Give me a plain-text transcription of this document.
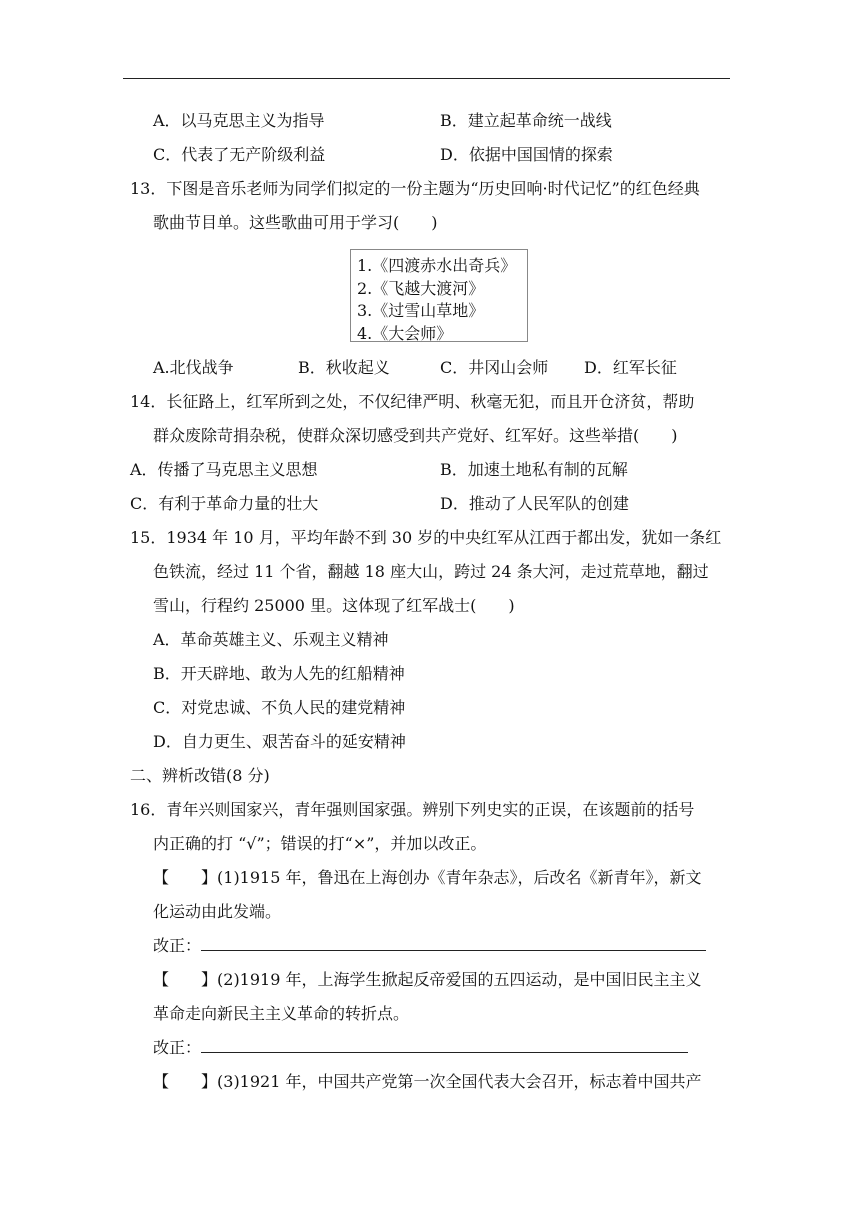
A．以马克思主义为指导	B．建立起革命统一战线
C．代表了无产阶级利益	D．依据中国国情的探索
13．下图是音乐老师为同学们拟定的一份主题为“历史回响·时代记忆”的红色经典
歌曲节目单。这些歌曲可用于学习(　　)
1.《四渡赤水出奇兵》
2.《飞越大渡河》
3.《过雪山草地》
4.《大会师》
A.北伐战争	B．秋收起义	C．井冈山会师 D．红军长征
14．长征路上，红军所到之处，不仅纪律严明、秋毫无犯，而且开仓济贫，帮助
群众废除苛捐杂税，使群众深切感受到共产党好、红军好。这些举措(　　)
A．传播了马克思主义思想	B．加速土地私有制的瓦解
C．有利于革命力量的壮大	D．推动了人民军队的创建
15．1934 年 10 月，平均年龄不到 30 岁的中央红军从江西于都出发，犹如一条红
色铁流，经过 11 个省，翻越 18 座大山，跨过 24 条大河，走过荒草地，翻过
雪山，行程约 25000 里。这体现了红军战士(　　)
A．革命英雄主义、乐观主义精神
B．开天辟地、敢为人先的红船精神
C．对党忠诚、不负人民的建党精神
D．自力更生、艰苦奋斗的延安精神
二、辨析改错(8 分)
16．青年兴则国家兴，青年强则国家强。辨别下列史实的正误，在该题前的括号
内正确的打 “√”；错误的打“×”，并加以改正。
【　　】(1)1915 年，鲁迅在上海创办《青年杂志》，后改名《新青年》，新文
化运动由此发端。
改正：
【　　】(2)1919 年，上海学生掀起反帝爱国的五四运动，是中国旧民主主义
革命走向新民主主义革命的转折点。
改正：
【　　】(3)1921 年，中国共产党第一次全国代表大会召开，标志着中国共产
